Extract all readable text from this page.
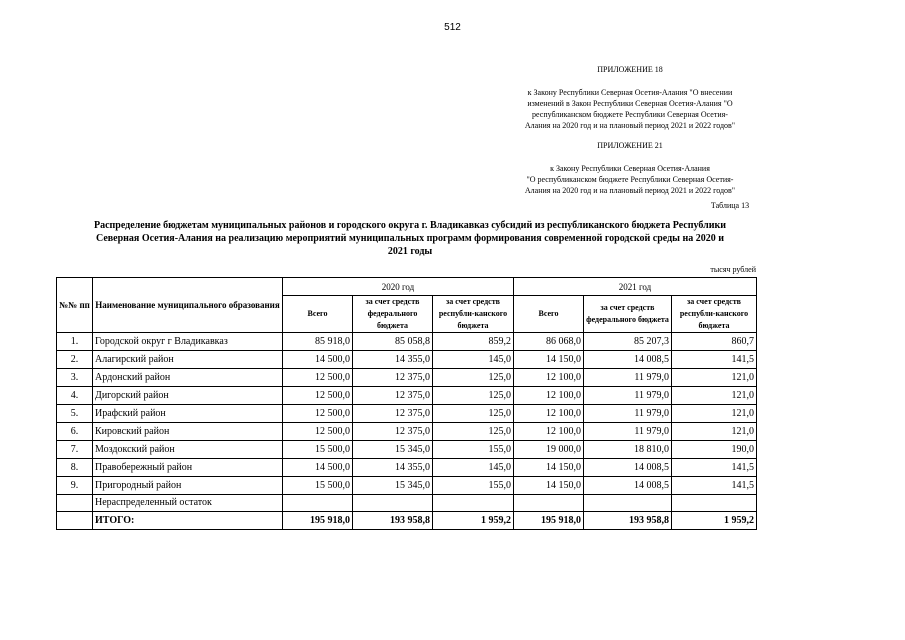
512
ПРИЛОЖЕНИЕ 18
к Закону Республики Северная Осетия-Алания "О внесении
изменений в Закон Республики Северная Осетия-Алания "О
республиканском бюджете Республики Северная Осетия-
Алания на 2020 год и на плановый период 2021 и 2022 годов"
ПРИЛОЖЕНИЕ 21
к Закону Республики Северная Осетия-Алания
"О республиканском бюджете Республики Северная Осетия-
Алания на 2020 год и на плановый период 2021 и 2022 годов"
Таблица 13
Распределение бюджетам муниципальных районов и городского округа г. Владикавказ субсидий из республиканского бюджета Республики
Северная Осетия-Алания на реализацию мероприятий муниципальных программ формирования современной городской среды на 2020 и
2021 годы
тысяч рублей
№№ пп	Наименование муниципального образования	2020 год			2021 год		
		Всего	за счет средств федерального бюджета	за счет средств республи-канского бюджета	Всего	за счет средств федерального бюджета	за счет средств республи-канского бюджета
1.	Городской округ г Владикавказ	85 918,0	85 058,8	859,2	86 068,0	85 207,3	860,7
2.	Алагирский район	14 500,0	14 355,0	145,0	14 150,0	14 008,5	141,5
3.	Ардонский район	12 500,0	12 375,0	125,0	12 100,0	11 979,0	121,0
4.	Дигорский район	12 500,0	12 375,0	125,0	12 100,0	11 979,0	121,0
5.	Ирафский район	12 500,0	12 375,0	125,0	12 100,0	11 979,0	121,0
6.	Кировский район	12 500,0	12 375,0	125,0	12 100,0	11 979,0	121,0
7.	Моздокский район	15 500,0	15 345,0	155,0	19 000,0	18 810,0	190,0
8.	Правобережный район	14 500,0	14 355,0	145,0	14 150,0	14 008,5	141,5
9.	Пригородный район	15 500,0	15 345,0	155,0	14 150,0	14 008,5	141,5
	Нераспределенный остаток						
	ИТОГО:	195 918,0	193 958,8	1 959,2	195 918,0	193 958,8	1 959,2
